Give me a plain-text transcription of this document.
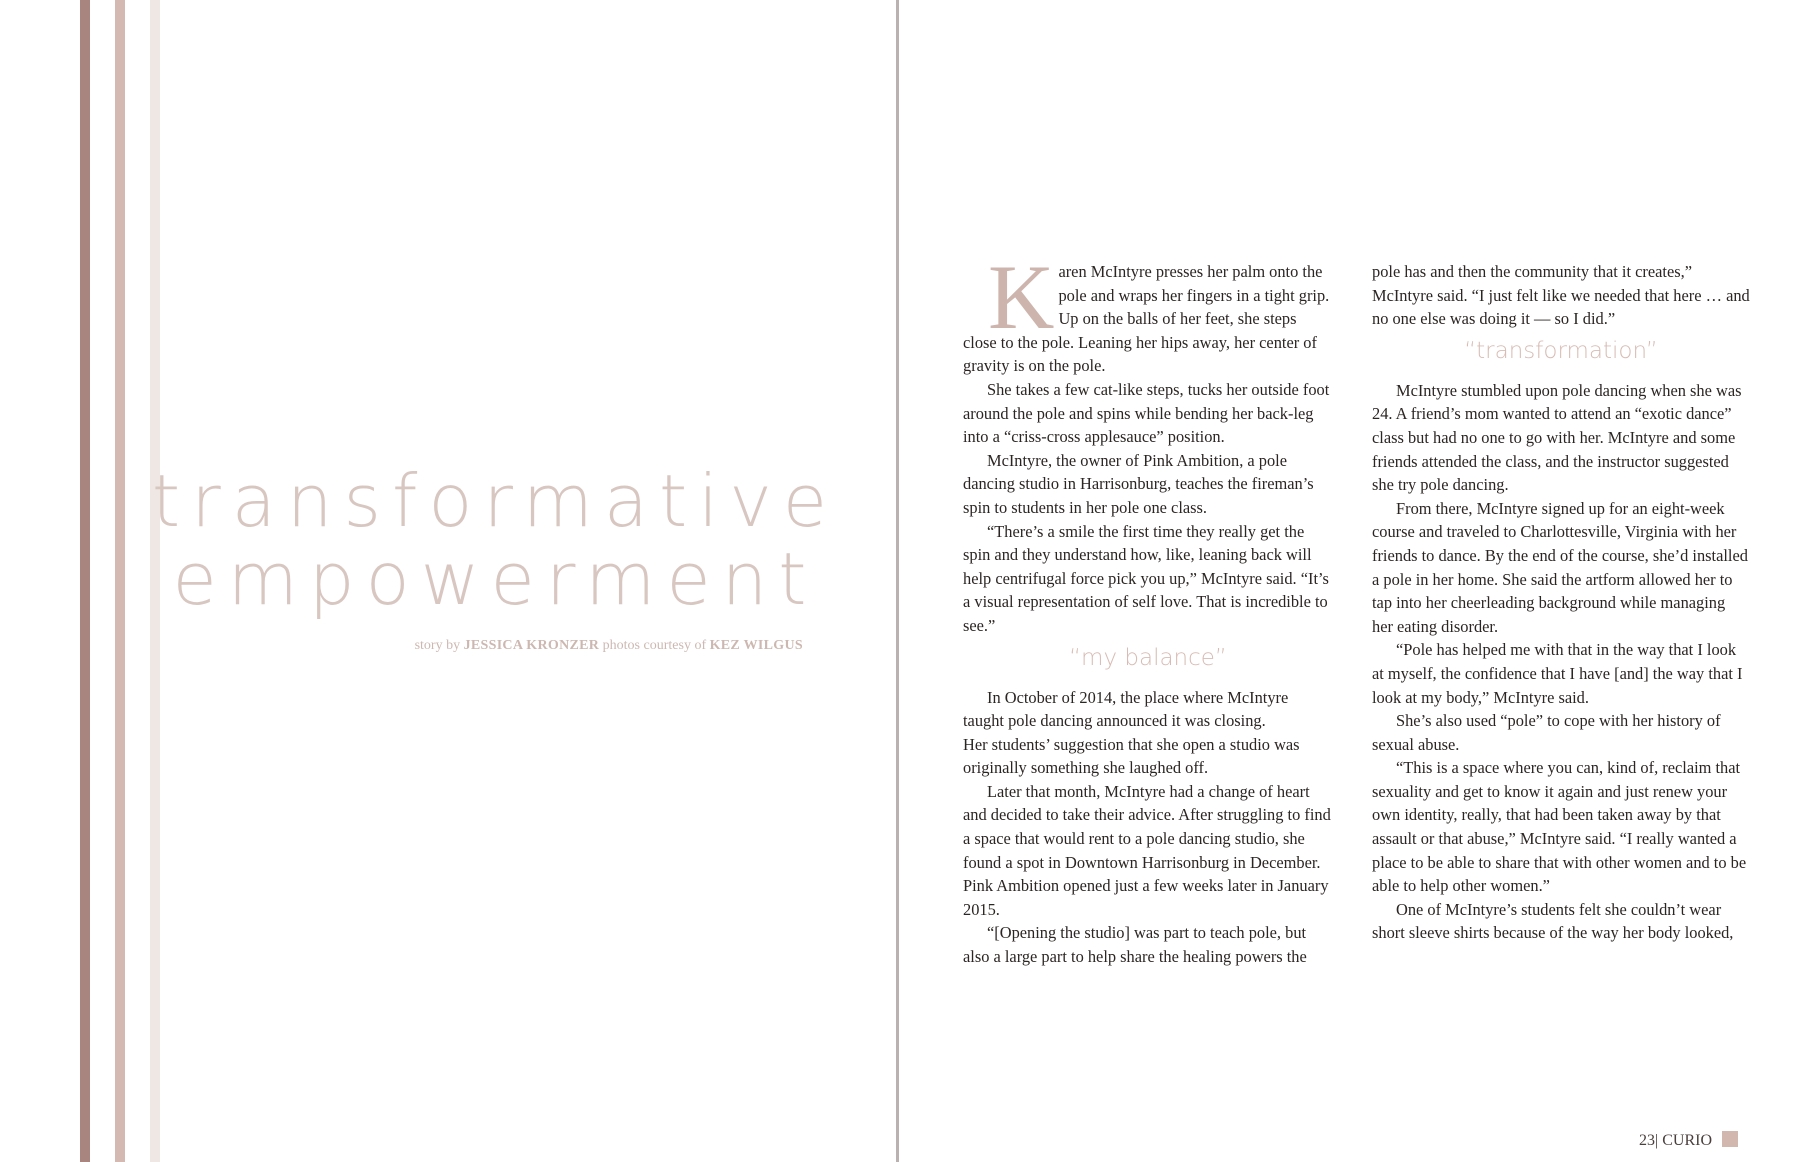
transformative
empowerment
story by JESSICA KRONZER photos courtesy of KEZ WILGUS

Karen McIntyre presses her palm onto the pole and wraps her fingers in a tight grip. Up on the balls of her feet, she steps close to the pole. Leaning her hips away, her center of gravity is on the pole.

She takes a few cat-like steps, tucks her outside foot around the pole and spins while bending her back-leg into a “criss-cross applesauce” position.

McIntyre, the owner of Pink Ambition, a pole dancing studio in Harrisonburg, teaches the fireman’s spin to students in her pole one class.

“There’s a smile the first time they really get the spin and they understand how, like, leaning back will help centrifugal force pick you up,” McIntyre said. “It’s a visual representation of self love. That is incredible to see.”

“my balance”

In October of 2014, the place where McIntyre taught pole dancing announced it was closing.

Her students’ suggestion that she open a studio was originally something she laughed off.

Later that month, McIntyre had a change of heart and decided to take their advice. After struggling to find a space that would rent to a pole dancing studio, she found a spot in Downtown Harrisonburg in December. Pink Ambition opened just a few weeks later in January 2015.

“[Opening the studio] was part to teach pole, but also a large part to help share the healing powers the

pole has and then the community that it creates,” McIntyre said. “I just felt like we needed that here … and no one else was doing it — so I did.”

“transformation”

McIntyre stumbled upon pole dancing when she was 24. A friend’s mom wanted to attend an “exotic dance” class but had no one to go with her. McIntyre and some friends attended the class, and the instructor suggested she try pole dancing.

From there, McIntyre signed up for an eight-week course and traveled to Charlottesville, Virginia with her friends to dance. By the end of the course, she’d installed a pole in her home. She said the artform allowed her to tap into her cheerleading background while managing her eating disorder.

“Pole has helped me with that in the way that I look at myself, the confidence that I have [and] the way that I look at my body,” McIntyre said.

She’s also used “pole” to cope with her history of sexual abuse.

“This is a space where you can, kind of, reclaim that sexuality and get to know it again and just renew your own identity, really, that had been taken away by that assault or that abuse,” McIntyre said. “I really wanted a place to be able to share that with other women and to be able to help other women.”

One of McIntyre’s students felt she couldn’t wear short sleeve shirts because of the way her body looked,

23| CURIO
